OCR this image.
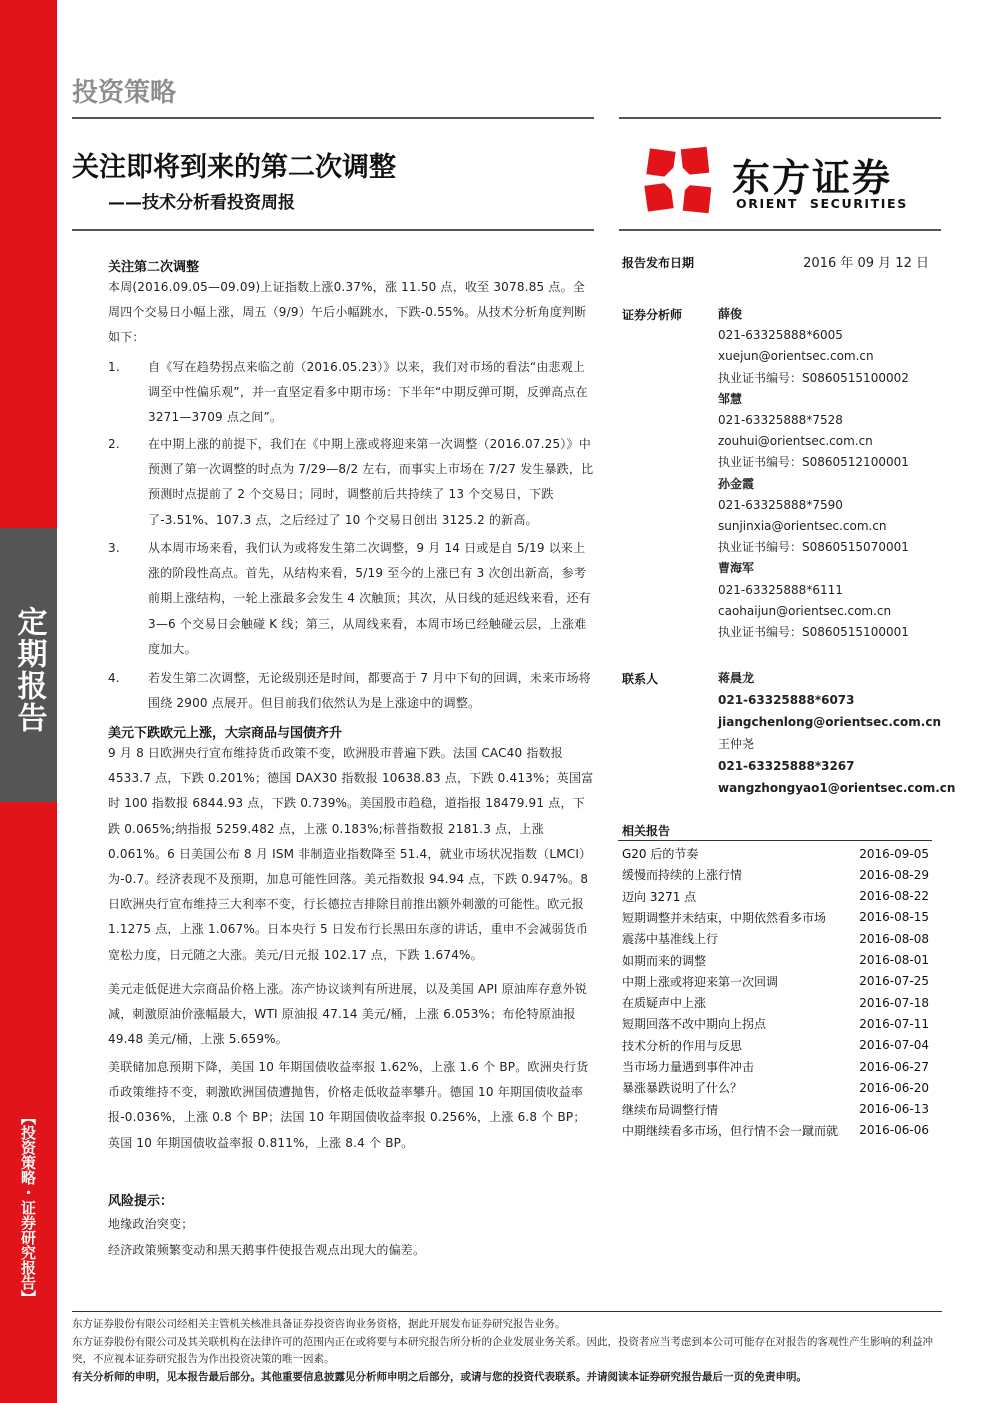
定期报告
【投资策略・证券研究报告】
投资策略
关注即将到来的第二次调整
——技术分析看投资周报
东方证券
ORIENT  SECURITIES
关注第二次调整
本周(2016.09.05—09.09)上证指数上涨0.37%，涨 11.50 点，收至 3078.85 点。全周四个交易日小幅上涨，周五（9/9）午后小幅跳水，下跌-0.55%。从技术分析角度判断如下：
1.	自《写在趋势拐点来临之前（2016.05.23）》以来，我们对市场的看法“由悲观上调至中性偏乐观”，并一直坚定看多中期市场：下半年“中期反弹可期，反弹高点在 3271—3709 点之间”。
2.	在中期上涨的前提下，我们在《中期上涨或将迎来第一次调整（2016.07.25）》中预测了第一次调整的时点为 7/29—8/2 左右，而事实上市场在 7/27 发生暴跌，比预测时点提前了 2 个交易日；同时，调整前后共持续了 13 个交易日，下跌了-3.51%、107.3 点，之后经过了 10 个交易日创出 3125.2 的新高。
3.	从本周市场来看，我们认为或将发生第二次调整，9 月 14 日或是自 5/19 以来上涨的阶段性高点。首先，从结构来看，5/19 至今的上涨已有 3 次创出新高，参考前期上涨结构，一轮上涨最多会发生 4 次触顶；其次，从日线的延迟线来看，还有 3—6 个交易日会触碰 K 线；第三，从周线来看，本周市场已经触碰云层，上涨难度加大。
4.	若发生第二次调整，无论级别还是时间，都要高于 7 月中下旬的回调，未来市场将围绕 2900 点展开。但目前我们依然认为是上涨途中的调整。
美元下跌欧元上涨，大宗商品与国债齐升
9 月 8 日欧洲央行宣布维持货币政策不变，欧洲股市普遍下跌。法国 CAC40 指数报 4533.7 点，下跌 0.201%；德国 DAX30 指数报 10638.83 点，下跌 0.413%；英国富时 100 指数报 6844.93 点，下跌 0.739%。美国股市趋稳，道指报 18479.91 点，下跌 0.065%;纳指报 5259.482 点，上涨 0.183%;标普指数报 2181.3 点，上涨 0.061%。6 日美国公布 8 月 ISM 非制造业指数降至 51.4，就业市场状况指数（LMCI）为-0.7。经济表现不及预期，加息可能性回落。美元指数报 94.94 点，下跌 0.947%。8 日欧洲央行宣布维持三大利率不变，行长德拉吉排除目前推出额外刺激的可能性。欧元报 1.1275 点，上涨 1.067%。日本央行 5 日发布行长黑田东彦的讲话，重申不会减弱货币宽松力度，日元随之大涨。美元/日元报 102.17 点，下跌 1.674%。
美元走低促进大宗商品价格上涨。冻产协议谈判有所进展，以及美国 API 原油库存意外锐减，刺激原油价涨幅最大，WTI 原油报 47.14 美元/桶，上涨 6.053%；布伦特原油报 49.48 美元/桶，上涨 5.659%。
美联储加息预期下降，美国 10 年期国债收益率报 1.62%，上涨 1.6 个 BP。欧洲央行货币政策维持不变，刺激欧洲国债遭抛售，价格走低收益率攀升。德国 10 年期国债收益率报-0.036%，上涨 0.8 个 BP；法国 10 年期国债收益率报 0.256%，上涨 6.8 个 BP；英国 10 年期国债收益率报 0.811%，上涨 8.4 个 BP。
风险提示：
地缘政治突变；
经济政策频繁变动和黑天鹅事件使报告观点出现大的偏差。
报告发布日期	2016 年 09 月 12 日
证券分析师	薛俊
021-63325888*6005
xuejun@orientsec.com.cn
执业证书编号：S0860515100002
邹慧
021-63325888*7528
zouhui@orientsec.com.cn
执业证书编号：S0860512100001
孙金霞
021-63325888*7590
sunjinxia@orientsec.com.cn
执业证书编号：S0860515070001
曹海军
021-63325888*6111
caohaijun@orientsec.com.cn
执业证书编号：S0860515100001
联系人	蒋晨龙
021-63325888*6073
jiangchenlong@orientsec.com.cn
王仲尧
021-63325888*3267
wangzhongyao1@orientsec.com.cn
相关报告
G20 后的节奏	2016-09-05
缓慢而持续的上涨行情	2016-08-29
迈向 3271 点	2016-08-22
短期调整并未结束，中期依然看多市场	2016-08-15
震荡中基准线上行	2016-08-08
如期而来的调整	2016-08-01
中期上涨或将迎来第一次回调	2016-07-25
在质疑声中上涨	2016-07-18
短期回落不改中期向上拐点	2016-07-11
技术分析的作用与反思	2016-07-04
当市场力量遇到事件冲击	2016-06-27
暴涨暴跌说明了什么？	2016-06-20
继续布局调整行情	2016-06-13
中期继续看多市场，但行情不会一蹴而就 2016-06-06
东方证券股份有限公司经相关主管机关核准具备证券投资咨询业务资格，据此开展发布证券研究报告业务。
东方证券股份有限公司及其关联机构在法律许可的范围内正在或将要与本研究报告所分析的企业发展业务关系。因此，投资者应当考虑到本公司可能存在对报告的客观性产生影响的利益冲突，不应视本证券研究报告为作出投资决策的唯一因素。
有关分析师的申明，见本报告最后部分。其他重要信息披露见分析师申明之后部分，或请与您的投资代表联系。并请阅读本证券研究报告最后一页的免责申明。
